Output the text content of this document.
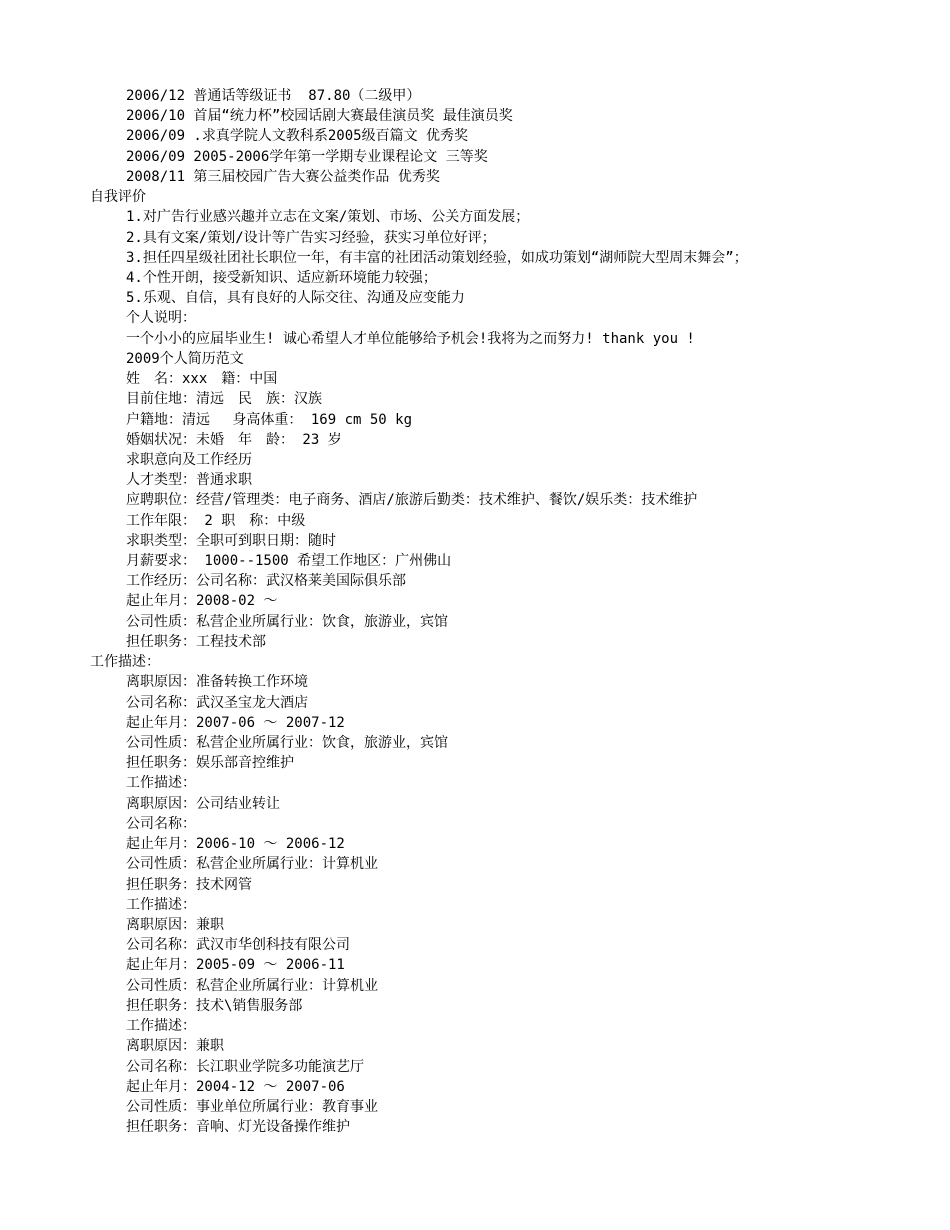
2006/12 普通话等级证书  87.80（二级甲）
2006/10 首届“统力杯”校园话剧大赛最佳演员奖 最佳演员奖
2006/09 .求真学院人文教科系2005级百篇文 优秀奖
2006/09 2005-2006学年第一学期专业课程论文 三等奖
2008/11 第三届校园广告大赛公益类作品 优秀奖
自我评价
1.对广告行业感兴趣并立志在文案/策划、市场、公关方面发展；
2.具有文案/策划/设计等广告实习经验，获实习单位好评；
3.担任四星级社团社长职位一年，有丰富的社团活动策划经验，如成功策划“湖师院大型周末舞会”；
4.个性开朗，接受新知识、适应新环境能力较强；
5.乐观、自信，具有良好的人际交往、沟通及应变能力
个人说明：
一个小小的应届毕业生! 诚心希望人才单位能够给予机会!我将为之而努力! thank you !
2009个人简历范文
姓　名：xxx　籍：中国
目前住地：清远　民　族：汉族
户籍地：清远　 身高体重： 169 cm 50 kg
婚姻状况：未婚　年　龄： 23 岁
求职意向及工作经历
人才类型：普通求职
应聘职位：经营/管理类：电子商务、酒店/旅游后勤类：技术维护、餐饮/娱乐类：技术维护
工作年限： 2 职　称：中级
求职类型：全职可到职日期：随时
月薪要求： 1000--1500 希望工作地区：广州佛山
工作经历：公司名称：武汉格莱美国际俱乐部
起止年月：2008-02 ～
公司性质：私营企业所属行业：饮食，旅游业，宾馆
担任职务：工程技术部
工作描述：
离职原因：准备转换工作环境
公司名称：武汉圣宝龙大酒店
起止年月：2007-06 ～ 2007-12
公司性质：私营企业所属行业：饮食，旅游业，宾馆
担任职务：娱乐部音控维护
工作描述：
离职原因：公司结业转让
公司名称：
起止年月：2006-10 ～ 2006-12
公司性质：私营企业所属行业：计算机业
担任职务：技术网管
工作描述：
离职原因：兼职
公司名称：武汉市华创科技有限公司
起止年月：2005-09 ～ 2006-11
公司性质：私营企业所属行业：计算机业
担任职务：技术\销售服务部
工作描述：
离职原因：兼职
公司名称：长江职业学院多功能演艺厅
起止年月：2004-12 ～ 2007-06
公司性质：事业单位所属行业：教育事业
担任职务：音响、灯光设备操作维护
